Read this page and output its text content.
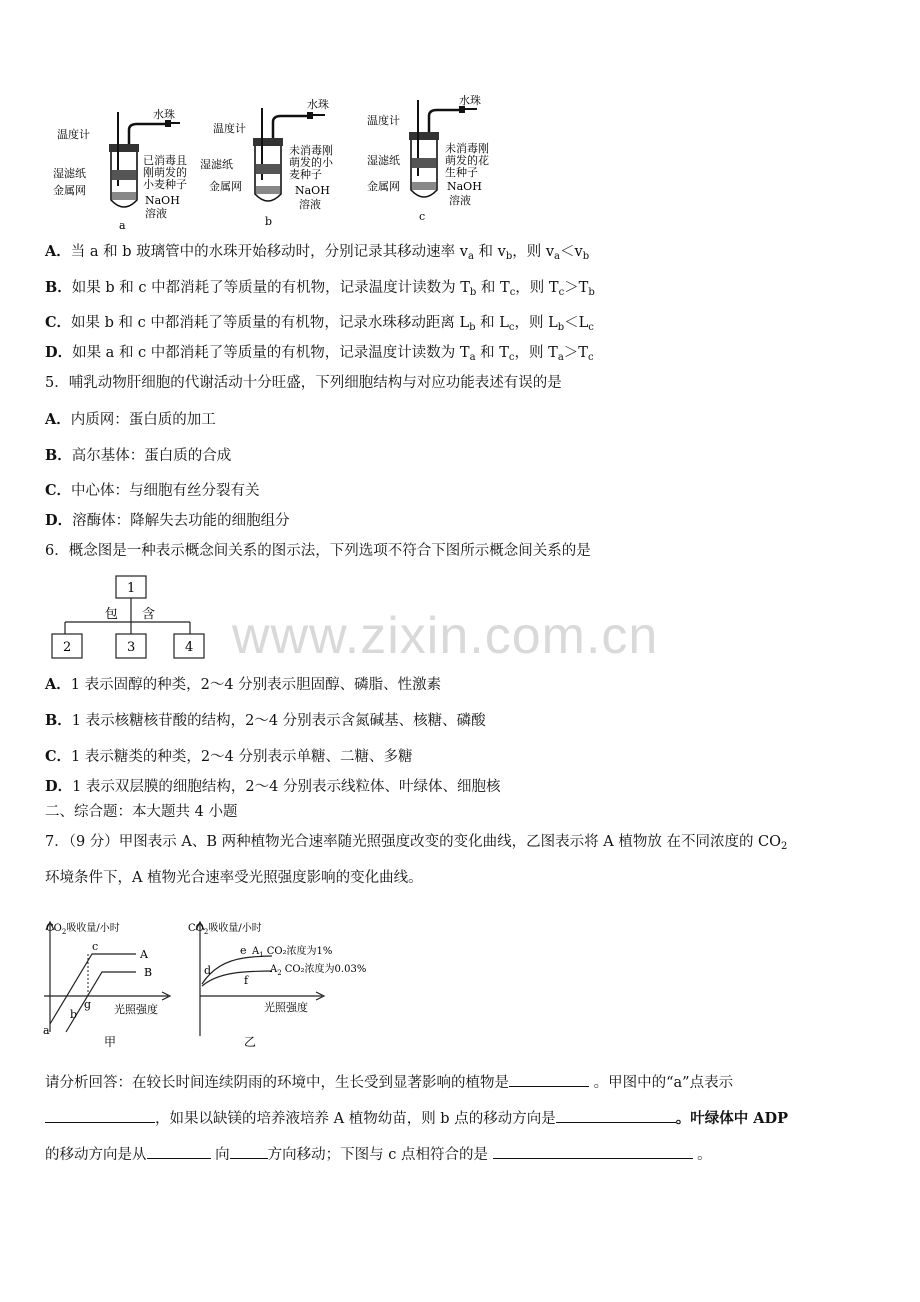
水珠
温度计
湿滤纸
金属网
已消毒且
刚萌发的
小麦种子
NaOH
溶液
a
水珠
温度计
湿滤纸
金属网
未消毒刚
萌发的小
麦种子
NaOH
溶液
b
水珠
温度计
湿滤纸
金属网
未消毒刚
萌发的花
生种子
NaOH
溶液
c
A．当 a 和 b 玻璃管中的水珠开始移动时，分别记录其移动速率 $v_a$ 和 $v_b$，则 $v_a<v_b$
B．如果 b 和 c 中都消耗了等质量的有机物，记录温度计读数为 $T_b$ 和 $T_c$，则 $T_c>T_b$
C．如果 b 和 c 中都消耗了等质量的有机物，记录水珠移动距离 $L_b$ 和 $L_c$，则 $L_b<L_c$
D．如果 a 和 c 中都消耗了等质量的有机物，记录温度计读数为 $T_a$ 和 $T_c$，则 $T_a>T_c$
5．哺乳动物肝细胞的代谢活动十分旺盛，下列细胞结构与对应功能表述有误的是
A．内质网：蛋白质的加工
B．高尔基体：蛋白质的合成
C．中心体：与细胞有丝分裂有关
D．溶酶体：降解失去功能的细胞组分
6．概念图是一种表示概念间关系的图示法，下列选项不符合下图所示概念间关系的是
1
包 含
2	3	4 www.zixin.com.cn
A．1 表示固醇的种类，2～4 分别表示胆固醇、磷脂、性激素
B．1 表示核糖核苷酸的结构，2～4 分别表示含氮碱基、核糖、磷酸
C．1 表示糖类的种类，2～4 分别表示单糖、二糖、多糖
D．1 表示双层膜的细胞结构，2～4 分别表示线粒体、叶绿体、细胞核
二、综合题：本大题共 4 小题
7．（9 分）甲图表示 A、B 两种植物光合速率随光照强度改变的变化曲线，乙图表示将 A 植物放 在不同浓度的 $CO_2$
环境条件下，A 植物光合速率受光照强度影响的变化曲线。
$CO_2$吸收量/小时
A
B
c
g
b
a
光照强度
甲
$CO_2$吸收量/小时
d
e
f
$A_1$ CO₂浓度为1%
$A_2$ CO₂浓度为0.03%
光照强度
乙
请分析回答：在较长时间连续阴雨的环境中，生长受到显著影响的植物是	。甲图中的“a”点表示
，如果以缺镁的培养液培养 A 植物幼苗，则 b 点的移动方向是	。叶绿体中 ADP
的移动方向是从	向	方向移动；下图与 c 点相符合的是	。
